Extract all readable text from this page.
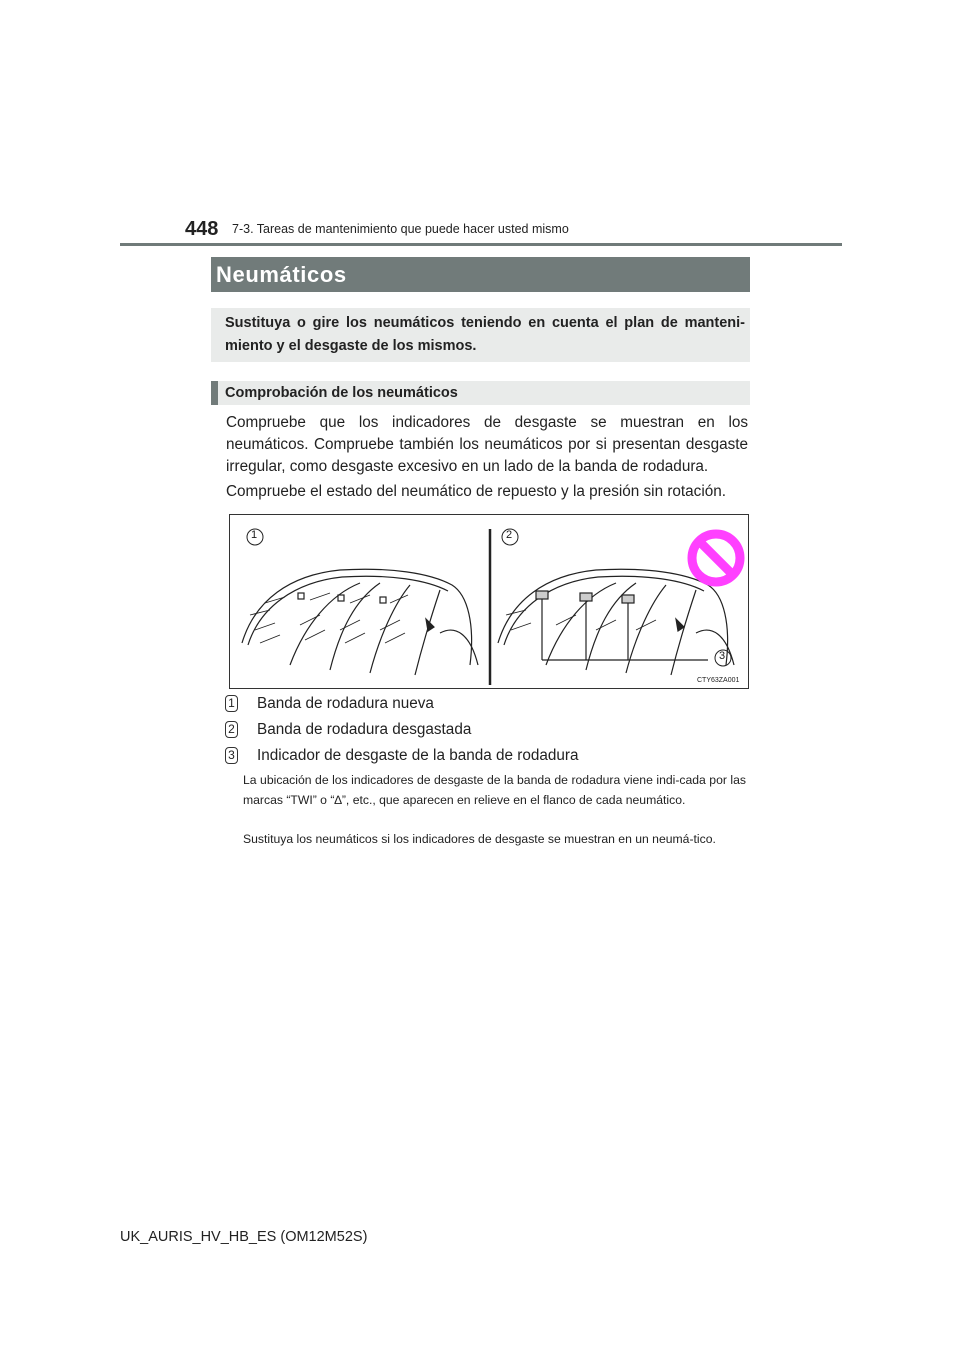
448 7-3. Tareas de mantenimiento que puede hacer usted mismo
Neumáticos
Sustituya o gire los neumáticos teniendo en cuenta el plan de manteni-miento y el desgaste de los mismos.
Comprobación de los neumáticos
Compruebe que los indicadores de desgaste se muestran en los neumáticos. Compruebe también los neumáticos por si presentan desgaste irregular, como desgaste excesivo en un lado de la banda de rodadura.
Compruebe el estado del neumático de repuesto y la presión sin rotación.
1	2
3
CTY63ZA001
1 Banda de rodadura nueva
2 Banda de rodadura desgastada
3 Indicador de desgaste de la banda de rodadura
La ubicación de los indicadores de desgaste de la banda de rodadura viene indi-cada por las marcas “TWI” o “∆”, etc., que aparecen en relieve en el flanco de cada neumático.
Sustituya los neumáticos si los indicadores de desgaste se muestran en un neumá-tico.
UK_AURIS_HV_HB_ES (OM12M52S)
